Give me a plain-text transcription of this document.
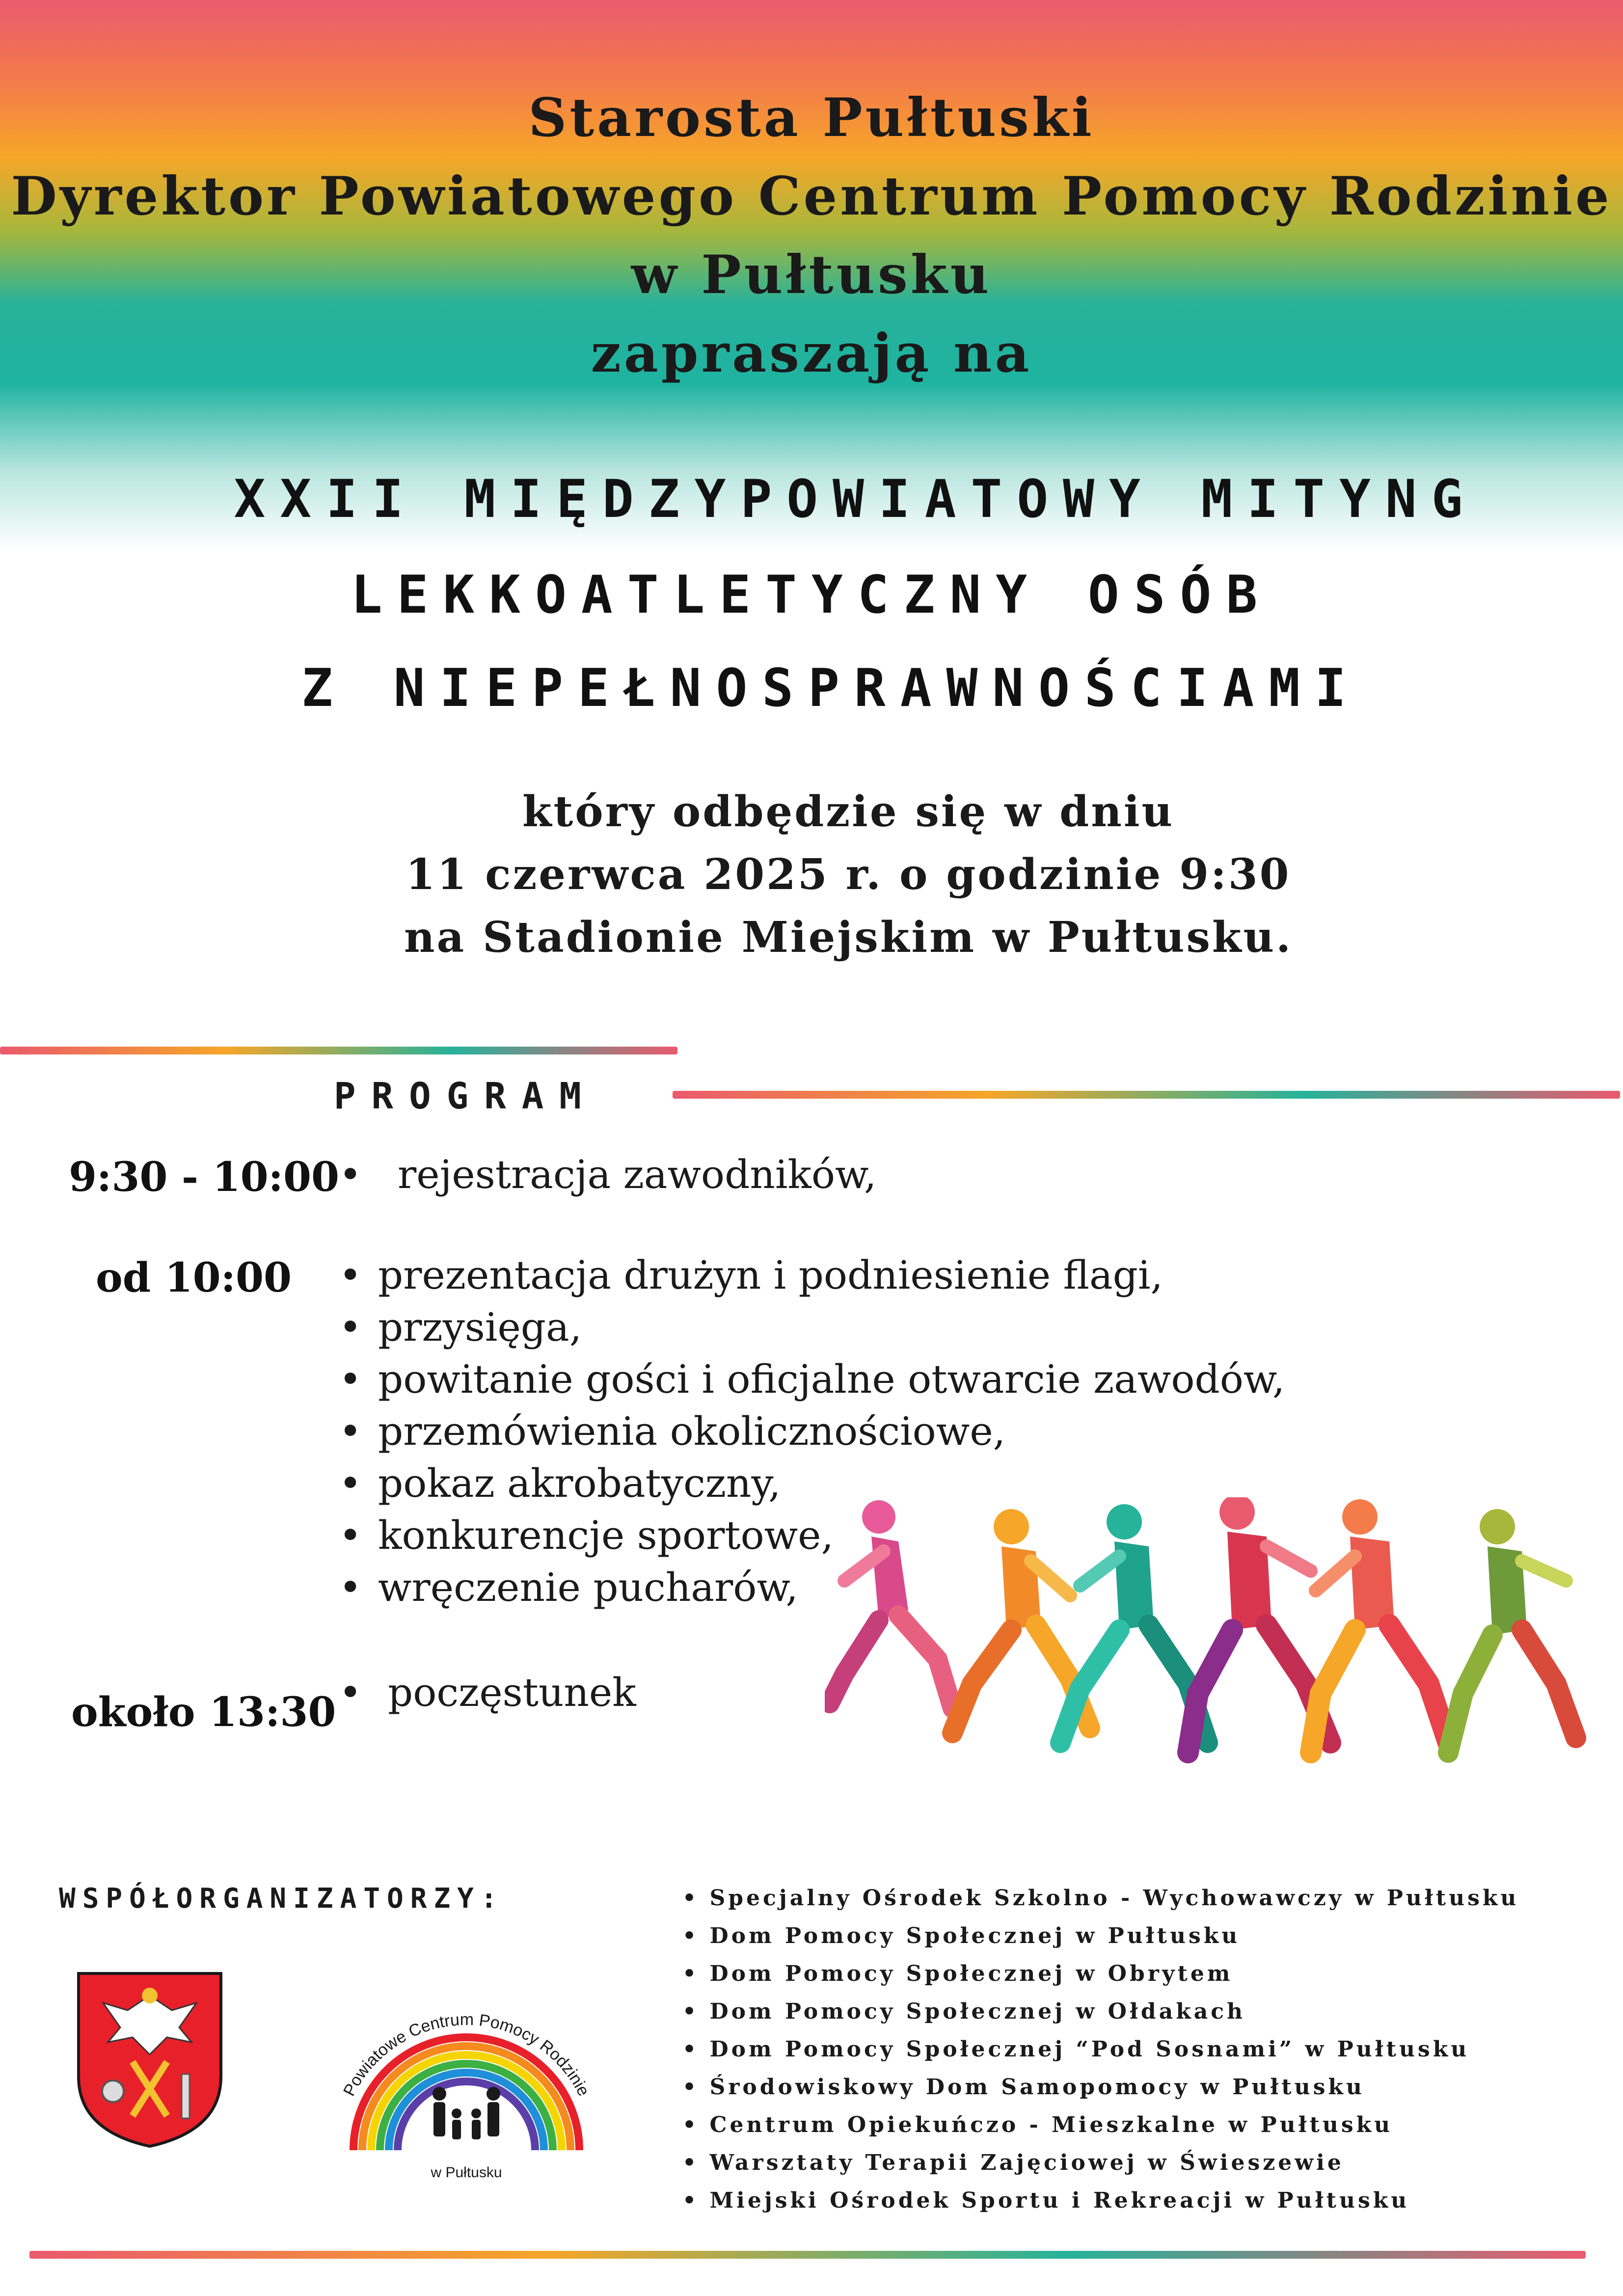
Starosta Pułtuski
Dyrektor Powiatowego Centrum Pomocy Rodzinie
w Pułtusku
zapraszają na
XXII MIĘDZYPOWIATOWY MITYNG
LEKKOATLETYCZNY OSÓB
Z NIEPEŁNOSPRAWNOŚCIAMI
który odbędzie się w dniu
11 czerwca 2025 r. o godzinie 9:30
na Stadionie Miejskim w Pułtusku.
PROGRAM
9:30 - 10:00
• rejestracja zawodników,
od 10:00 • prezentacja drużyn i podniesienie flagi,
• przysięga,
• powitanie gości i oficjalne otwarcie zawodów,
• przemówienia okolicznościowe,
• pokaz akrobatyczny,
• konkurencje sportowe,
• wręczenie pucharów,
około 13:30 • poczęstunek
WSPÓŁORGANIZATORZY:	• Specjalny Ośrodek Szkolno - Wychowawczy w Pułtusku
• Dom Pomocy Społecznej w Pułtusku
• Dom Pomocy Społecznej w Obrytem
• Dom Pomocy Społecznej w Ołdakach
• Dom Pomocy Społecznej “Pod Sosnami” w Pułtusku
• Środowiskowy Dom Samopomocy w Pułtusku
• Centrum Opiekuńczo - Mieszkalne w Pułtusku
• Warsztaty Terapii Zajęciowej w Świeszewie
• Miejski Ośrodek Sportu i Rekreacji w Pułtusku
Powiatowe Centrum Pomocy Rodzinie
w Pułtusku
